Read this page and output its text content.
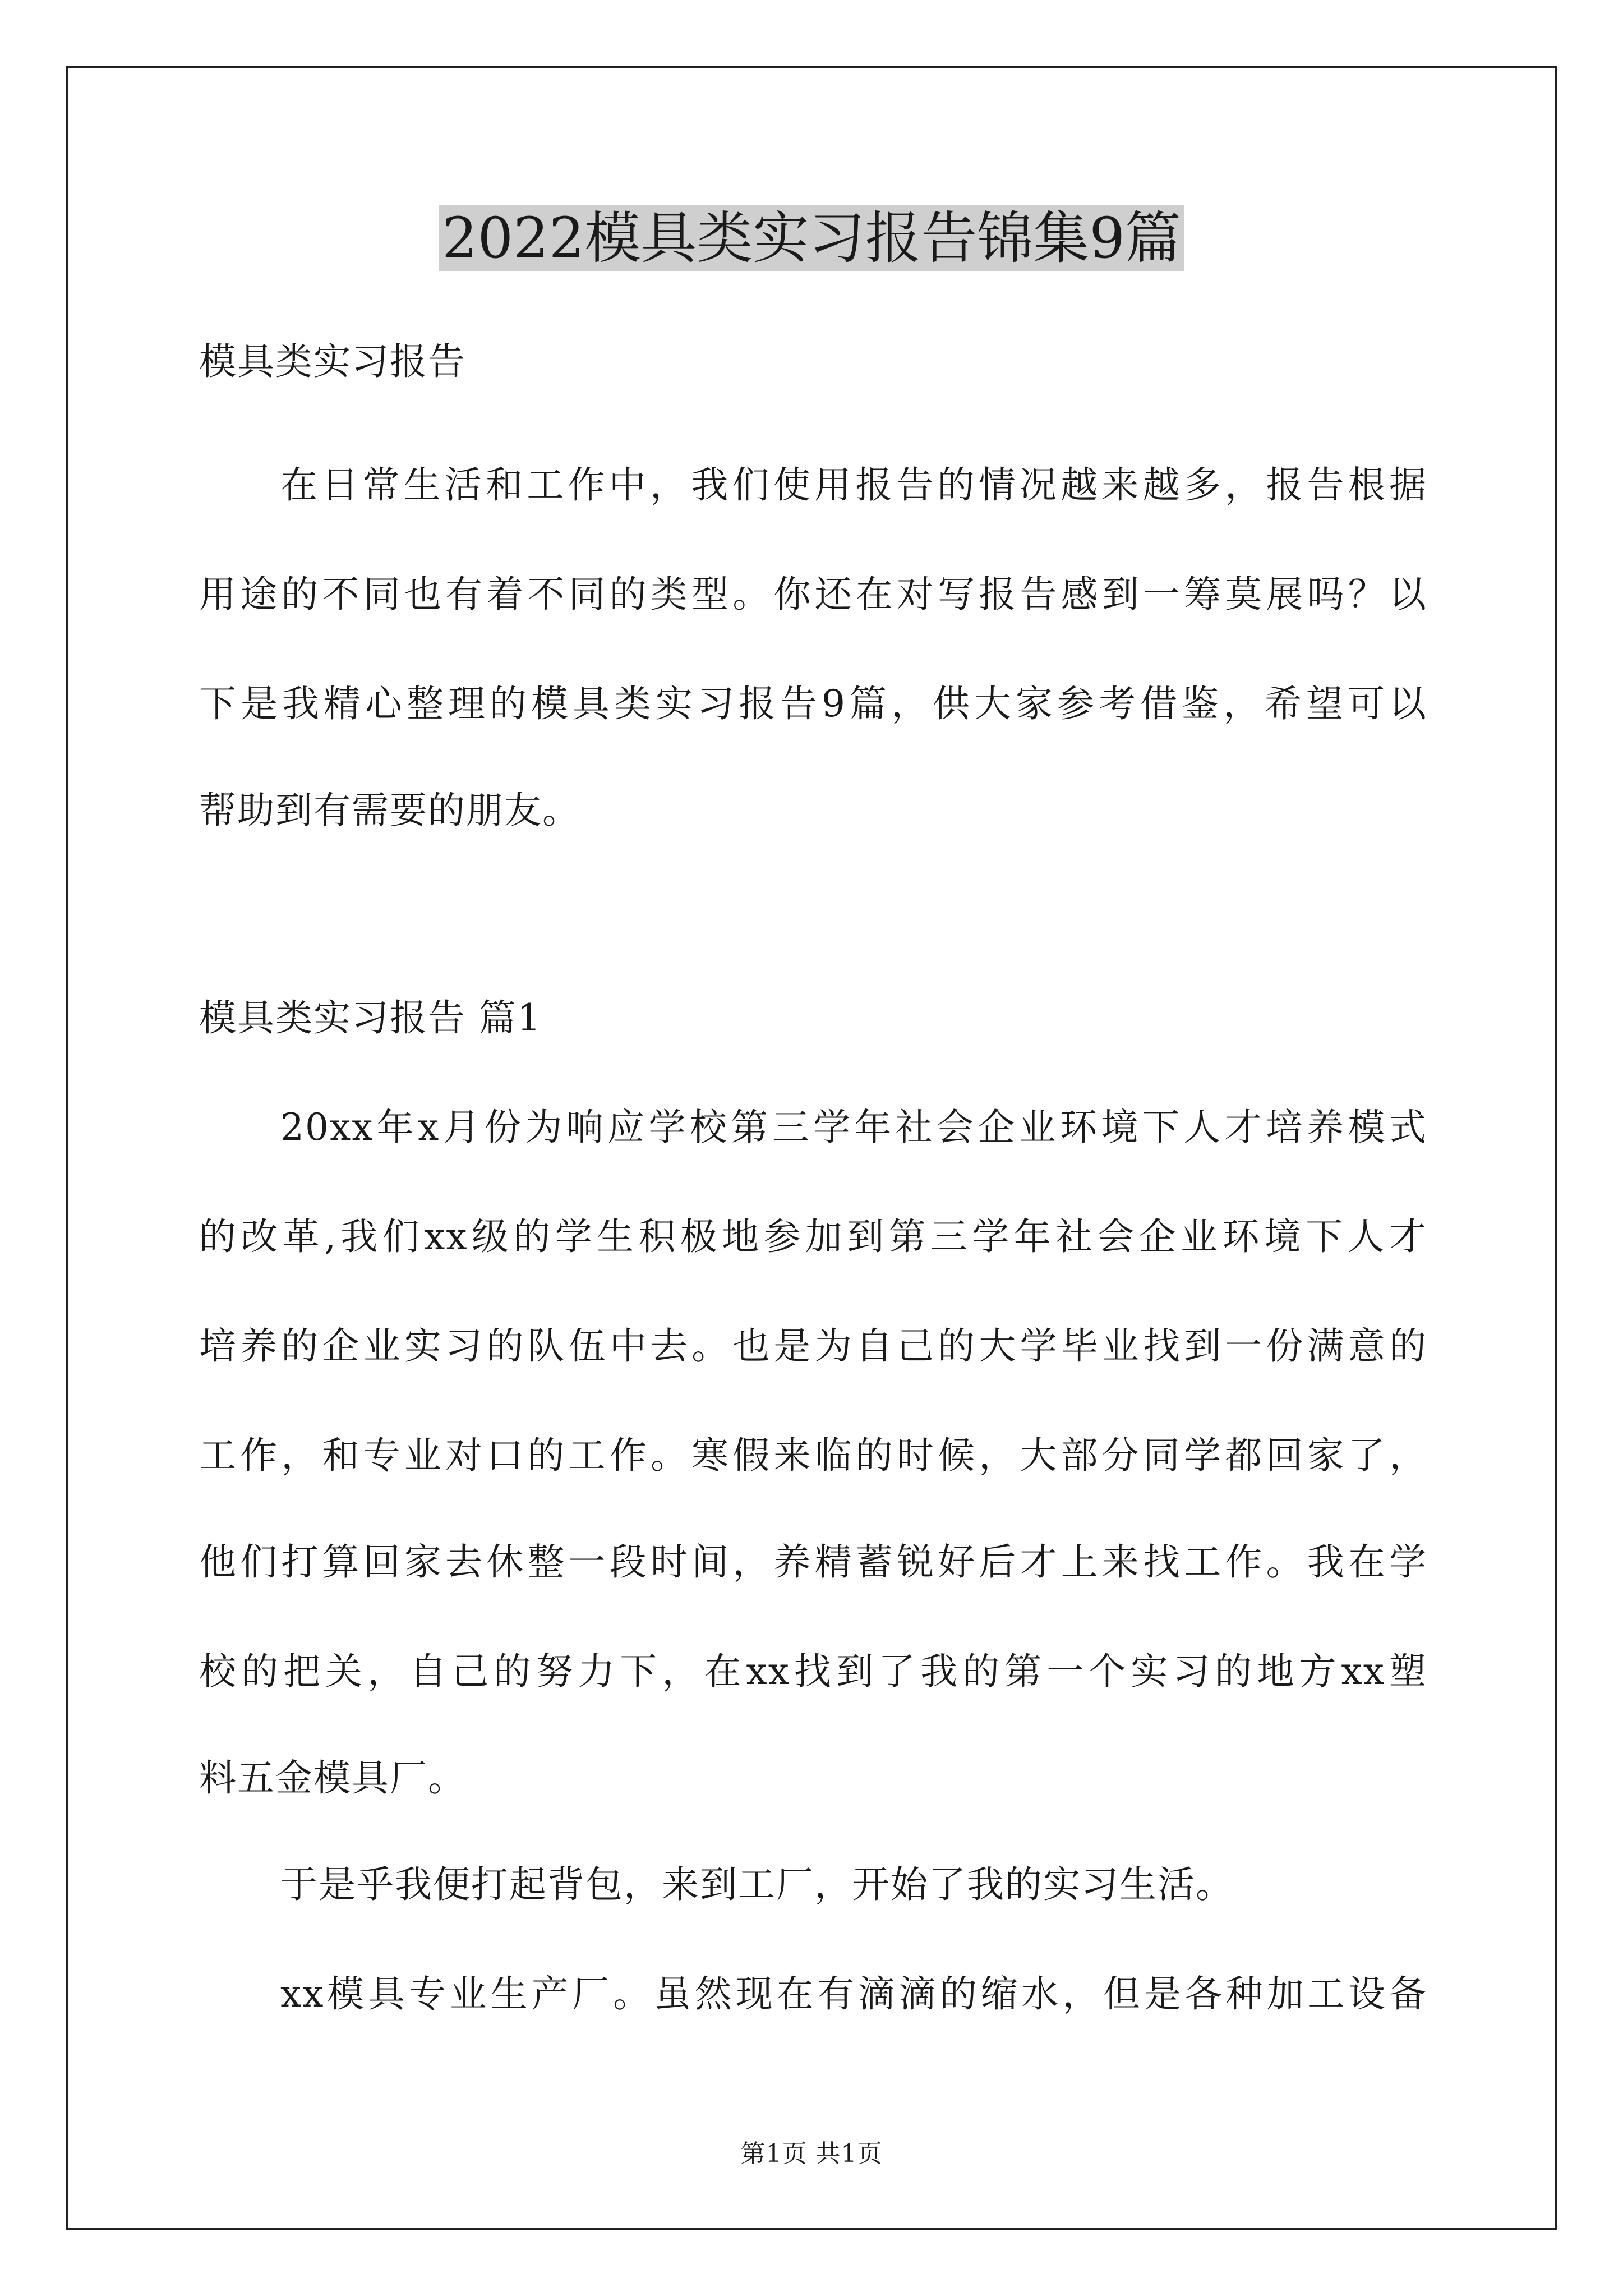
2022模具类实习报告锦集9篇
模具类实习报告
在日常生活和工作中，我们使用报告的情况越来越多，报告根据
用途的不同也有着不同的类型。你还在对写报告感到一筹莫展吗？以
下是我精心整理的模具类实习报告9篇，供大家参考借鉴，希望可以
帮助到有需要的朋友。
模具类实习报告 篇1
20xx年x月份为响应学校第三学年社会企业环境下人才培养模式
的改革,我们xx级的学生积极地参加到第三学年社会企业环境下人才
培养的企业实习的队伍中去。也是为自己的大学毕业找到一份满意的
工作，和专业对口的工作。寒假来临的时候，大部分同学都回家了，
他们打算回家去休整一段时间，养精蓄锐好后才上来找工作。我在学
校的把关，自己的努力下，在xx找到了我的第一个实习的地方xx塑
料五金模具厂。
于是乎我便打起背包，来到工厂，开始了我的实习生活。
xx模具专业生产厂。虽然现在有滴滴的缩水，但是各种加工设备
第1页 共1页
